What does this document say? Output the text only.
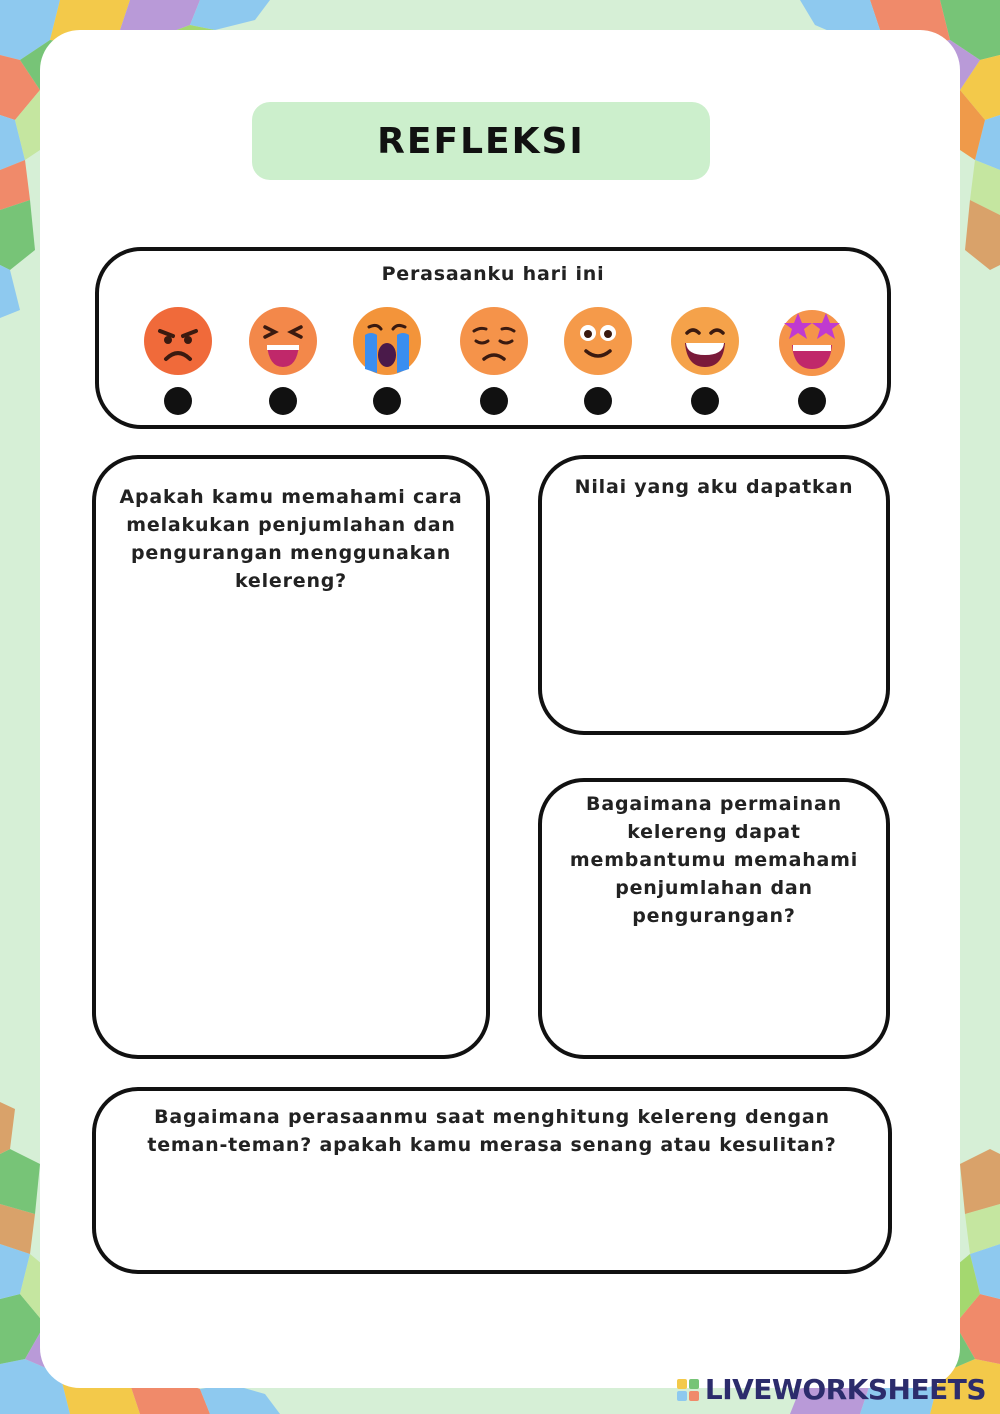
REFLEKSI
Perasaanku hari ini
Apakah kamu memahami cara melakukan penjumlahan dan pengurangan menggunakan kelereng?
Nilai yang aku dapatkan
Bagaimana permainan kelereng dapat membantumu memahami penjumlahan dan pengurangan?
Bagaimana perasaanmu saat menghitung kelereng dengan teman-teman? apakah kamu merasa senang atau kesulitan?
LIVEWORKSHEETS
